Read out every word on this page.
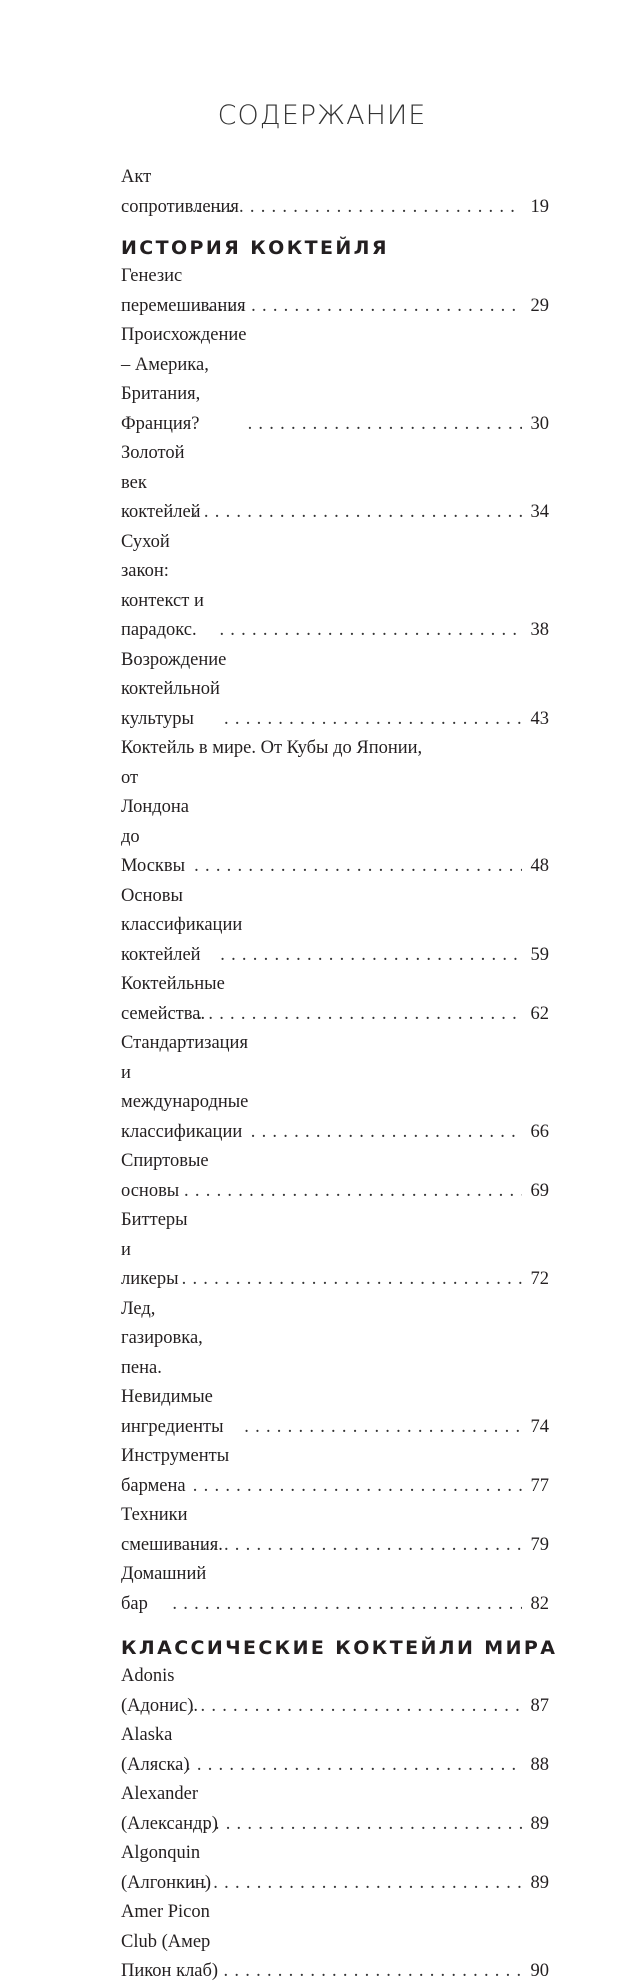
СОДЕРЖАНИЕ
Акт сопротивления . . .	19
ИСТОРИЯ КОКТЕЙЛЯ
Генезис перемешивания . . .	29
Происхождение – Америка, Британия, Франция? . . .	30
Золотой век коктейлей . . .	34
Сухой закон: контекст и парадокс. . . .	38
Возрождение коктейльной культуры . . .	43
Коктейль в мире. От Кубы до Японии,
от Лондона до Москвы . . .	48
Основы классификации коктейлей . . .	59
Коктейльные семейства. . . .	62
Стандартизация и международные классификации . . .	66
Спиртовые основы . . .	69
Биттеры и ликеры . . .	72
Лед, газировка, пена. Невидимые ингредиенты . . .	74
Инструменты бармена . . .	77
Техники смешивания. . . .	79
Домашний бар . . .	82
КЛАССИЧЕСКИЕ КОКТЕЙЛИ МИРА
Adonis (Адонис). . . .	87
Alaska (Аляска) . . .	88
Alexander (Александр) . . .	89
Algonquin (Алгонкин) . . .	89
Amer Picon Club (Амер Пикон клаб) . . .	90
